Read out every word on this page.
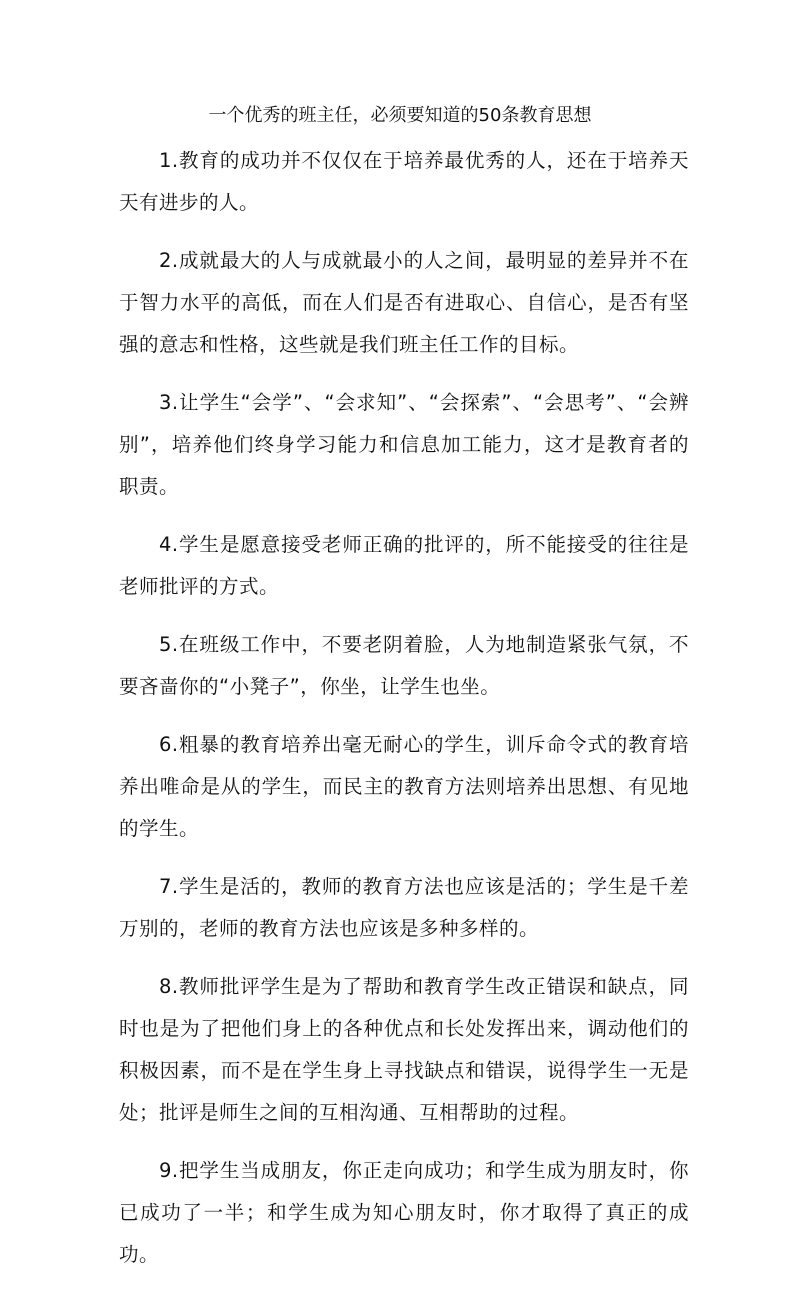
一个优秀的班主任，必须要知道的50条教育思想

1.教育的成功并不仅仅在于培养最优秀的人，还在于培养天天有进步的人。

2.成就最大的人与成就最小的人之间，最明显的差异并不在于智力水平的高低，而在人们是否有进取心、自信心，是否有坚强的意志和性格，这些就是我们班主任工作的目标。

3.让学生“会学”、“会求知”、“会探索”、“会思考”、“会辨别”，培养他们终身学习能力和信息加工能力，这才是教育者的职责。

4.学生是愿意接受老师正确的批评的，所不能接受的往往是老师批评的方式。

5.在班级工作中，不要老阴着脸，人为地制造紧张气氛，不要吝啬你的“小凳子”，你坐，让学生也坐。

6.粗暴的教育培养出毫无耐心的学生，训斥命令式的教育培养出唯命是从的学生，而民主的教育方法则培养出思想、有见地的学生。

7.学生是活的，教师的教育方法也应该是活的；学生是千差万别的，老师的教育方法也应该是多种多样的。

8.教师批评学生是为了帮助和教育学生改正错误和缺点，同时也是为了把他们身上的各种优点和长处发挥出来，调动他们的积极因素，而不是在学生身上寻找缺点和错误，说得学生一无是处；批评是师生之间的互相沟通、互相帮助的过程。

9.把学生当成朋友，你正走向成功；和学生成为朋友时，你已成功了一半；和学生成为知心朋友时，你才取得了真正的成功。
